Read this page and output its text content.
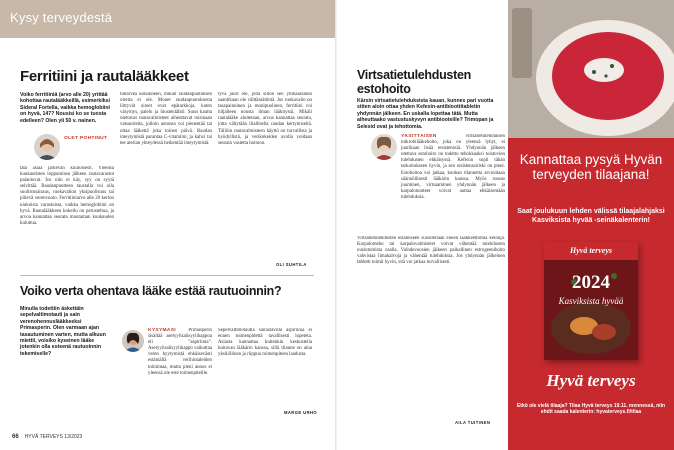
Kysy terveydestä
Ferritiini ja rautalääkkeet
Voiko ferritiiniä (arvo alle 20) yrittää kohottaa rautalääkkeillä, esimerkiksi Sideral Fortella, vaikka hemoglobiini on hyvä, 147? Nousisi ko se tuosta edelleen? Olen yli 50 v. nainen.
OLET POHTINUT
tätä asiaa järkevän kuuloisesti. Yleensä kuukautisten loppumisen jälkeen rautavarastot palautuvat. Jos niin ei käy, syy on syytä selvittää. Raudanpuutteen taustalla voi olla suolistosairaus, ruokavalion yksipuolisuus tai piilevä verenvuoto. Ferritiiniarvo alle 20 kertoo niukoista varastoista, vaikka hemoglobiini on hyvä. Rautalääkkeen kokeilu on perusteltua, ja arvoa kannattaa seurata muutaman kuukauden kuluttua.
tintarvea kohonneen, mikäli raudanpuutoksen oireita ei ole. Monet raudanpuutoksesta liittyvät oireet ovat epätarkkoja, kuten väsymys, palelu ja hiustenlähtö. Suun kautta otettavat rautavalmisteet aiheuttavat toisinaan vatsaoireita, jolloin annosta voi pienentää tai ottaa lääkettä joka toinen päivä. Raudan imeytymistä parantaa C-vitamiini, ja kahvi tai tee aterian yhteydessä heikentää imeytymistä.
tyvä juuri ole, jolla sillon sen ylimääräinen saantikaan ole välttämätöntä. Jos ruokavalio on tasapainoinen ja monipuolinen, ferritiini voi hiljalleen nousta ilman lääkitystä. Mikäli rautalääke aloitetaan, arvoa kannattaa seurata, jotta vältytään liialliselta raudan kertymiseltä. Tällöin rautavalmisteen käyttö on turvallista ja hyödyllistä, ja verikokeiden avulla voidaan seurata vastetta hoitoon.
OLI SUHTILA
Voiko verta ohentava lääke estää rautuoinnin?
Minulla todettiin äskettäin sepelvaltimotauti ja sain verenohennuslääkkeeksi Primasperin. Olen varmaan ajan tasautuminen varten, mutta alkuun miettii, voisiko kyseinen lääke jotenkin olla esteenä rautuoinnin tekemiselle?
KYSYMÄSI Primasperin sisältää asetyylisalisyylihappoa eli ”aspiriinia”. Asetyylisalisyylihappo vaikuttaa veren hyytymistä ehkäisevästi estämällä verihiutaleiden toimintaa, mutta pieni annos ei yleensä ole este toimenpiteille.
Sepelvaltimotautia sairastavilla aspiriinia ei ennen toimenpidettä tavallisesti lopeteta. Asiasta kannattaa kuitenkin keskustella hoitavan lääkärin kanssa, sillä tilanne on aina yksilöllinen ja riippuu toimenpiteen laadusta.
MARGE URHO
66 HYVÄ TERVEYS 13/2023
Virtsatietulehdusten estohoito
Kärsin virtsatietulehduksista kauan, kunnes pari vuotta sitten aloin ottaa yhden Kefexin-antibioottitabletin yhdynnän jälkeen. En uskalla lopettaa tätä. Mutta aiheuttaako vastustuskyvyn antibiooteille? Trimopan ja Selexid ovat ja tehottomia.
YKSITTÄISEN virtsatietulehduksen mikrobilääkehoito, joka on yleensä lyhyt, ei juurikaan lisää resistenssiä. Yhdynnän jälkeen otettava estohoito on todettu tehokkaaksi toistuvien tulehdusten ehkäisyssä. Kefexin sopii tähän tarkoitukseen hyvin, ja sen resistenssiriski on pieni. Estohoitoa voi jatkaa, kunhan tilannetta arvioidaan säännöllisesti lääkärin kanssa. Myös runsas juominen, virtsaaminen yhdynnän jälkeen ja karpalotuotteet voivat auttaa ehkäisemään tulehduksia.
Virtsatietulehdusten estämiseen suositellaan ennen lääkkeettömiä keinoja. Karpalomehu tai karpalovalmisteet voivat vähentää tulehdusten uusiutumista osalla. Vaihdevuosien jälkeen paikallinen estrogeenihoito vahvistaa limakalvoja ja vähentää tulehduksia. Jos yhdynnän jälkeinen tabletti toimii hyvin, sitä voi jatkaa turvallisesti.
AILA TUITINEN
Kannattaa pysyä Hyvän terveyden tilaajana!
Saat joulukuun lehden välissä tilaajalahjaksi Kasviksista hyvää -seinäkalenterin!
Hyvä terveys
2024
Kasviksista hyvää
Hyvä terveys
Etkö ole vielä tilaaja? Tilaa Hyvä terveys 19.11. mennessä, niin ehdit saada kalenterin: hyvaterveys.fi/tilaa
